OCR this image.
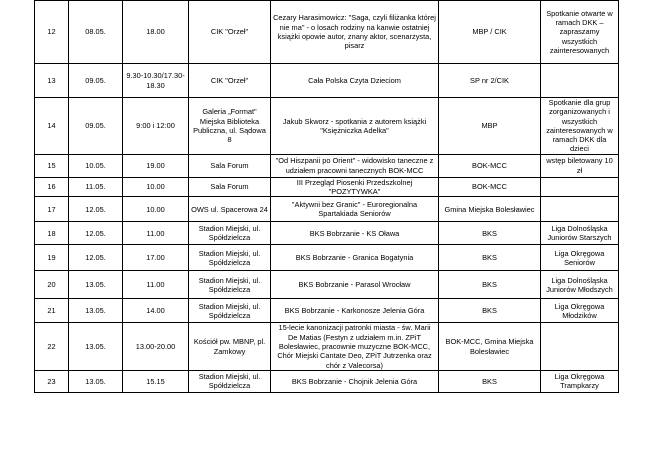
12	08.05.	18.00	CIK "Orzeł"	Cezary Harasimowicz: "Saga, czyli filiżanka której nie ma" - o losach rodziny na kanwie ostatniej książki opowie autor, znany aktor, scenarzysta, pisarz	MBP / CIK	Spotkanie otwarte w ramach DKK – zapraszamy wszystkich zainteresowanych
13	09.05.	9.30-10.30/17.30-18.30	CIK "Orzeł"	Cała Polska Czyta Dzieciom	SP nr 2/CIK	
14	09.05.	9:00 i 12:00	Galeria „Format" Miejska Biblioteka Publiczna, ul. Sądowa 8	Jakub Skworz - spotkania z autorem książki "Księżniczka Adelka"	MBP	Spotkanie dla grup zorganizowanych i wszystkich zainteresowanych w ramach DKK dla dzieci
15	10.05.	19.00	Sala Forum	"Od Hiszpanii po Orient" - widowisko taneczne z udziałem pracowni tanecznych BOK-MCC	BOK-MCC	wstęp biletowany 10 zł
16	11.05.	10.00	Sala Forum	III Przegląd Piosenki Przedszkolnej "POZYTYWKA"	BOK-MCC	
17	12.05.	10.00	OWS ul. Spacerowa 24	"Aktywni bez Granic" - Euroregionalna Spartakiada Seniorów	Gmina Miejska Bolesławiec	
18	12.05.	11.00	Stadion Miejski, ul. Spółdzielcza	BKS Bobrzanie - KS Oława	BKS	Liga Dolnośląska Juniorów Starszych
19	12.05.	17.00	Stadion Miejski, ul. Spółdzielcza	BKS Bobrzanie - Granica Bogatynia	BKS	Liga Okręgowa Seniorów
20	13.05.	11.00	Stadion Miejski, ul. Spółdzielcza	BKS Bobrzanie - Parasol Wrocław	BKS	Liga Dolnośląska Juniorów Młodszych
21	13.05.	14.00	Stadion Miejski, ul. Spółdzielcza	BKS Bobrzanie - Karkonosze Jelenia Góra	BKS	Liga Okręgowa Młodzików
22	13.05.	13.00-20.00	Kościół pw. MBNP, pl. Zamkowy	15-lecie kanonizacji patronki miasta - św. Marii De Matias (Festyn z udziałem m.in. ZPiT Bolesławiec, pracownie muzyczne BOK-MCC, Chór Miejski Cantate Deo, ZPiT Jutrzenka oraz chór z Valecorsa)	BOK-MCC, Gmina Miejska Bolesławiec	
23	13.05.	15.15	Stadion Miejski, ul. Spółdzielcza	BKS Bobrzanie - Chojnik Jelenia Góra	BKS	Liga Okręgowa Trampkarzy
